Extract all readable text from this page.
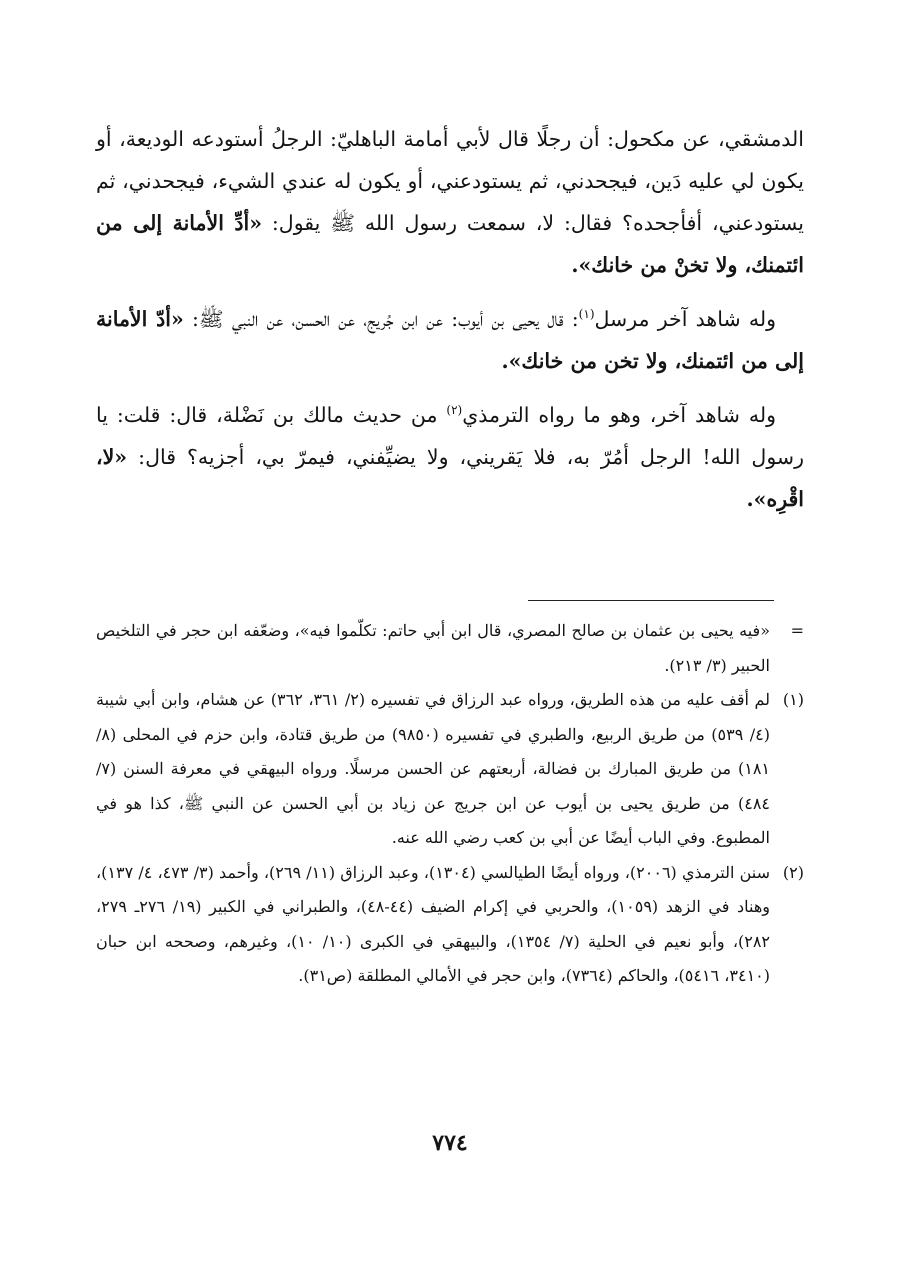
الدمشقي، عن مكحول: أن رجلًا قال لأبي أمامة الباهليّ: الرجلُ أستودعه الوديعة، أو يكون لي عليه دَين، فيجحدني، ثم يستودعني، أو يكون له عندي الشيء، فيجحدني، ثم يستودعني، أفأجحده؟ فقال: لا، سمعت رسول الله ﷺ يقول: «أدِّ الأمانة إلى من ائتمنك، ولا تخنْ من خانك».

وله شاهد آخر مرسل$^{(١)}$: قال يحيى بن أيوب: عن ابن جُريج، عن الحسن، عن النبي ﷺ: «أدّ الأمانة إلى من ائتمنك، ولا تخن من خانك».

وله شاهد آخر، وهو ما رواه الترمذي$^{(٢)}$ من حديث مالك بن نَضْلة، قال: قلت: يا رسول الله! الرجل أمُرّ به، فلا يَقريني، ولا يضيِّفني، فيمرّ بي، أجزيه؟ قال: «لا، اقْرِه».

=
«فيه يحيى بن عثمان بن صالح المصري، قال ابن أبي حاتم: تكلّموا فيه»، وضعّفه ابن حجر في التلخيص الحبير (٣/ ٢١٣).
(١)
لم أقف عليه من هذه الطريق، ورواه عبد الرزاق في تفسيره (٢/ ٣٦١، ٣٦٢) عن هشام، وابن أبي شيبة (٤/ ٥٣٩) من طريق الربيع، والطبري في تفسيره (٩٨٥٠) من طريق قتادة، وابن حزم في المحلى (٨/ ١٨١) من طريق المبارك بن فضالة، أربعتهم عن الحسن مرسلًا. ورواه البيهقي في معرفة السنن (٧/ ٤٨٤) من طريق يحيى بن أيوب عن ابن جريج عن زياد بن أبي الحسن عن النبي ﷺ، كذا هو في المطبوع. وفي الباب أيضًا عن أبي بن كعب رضي الله عنه.
(٢)
سنن الترمذي (٢٠٠٦)، ورواه أيضًا الطيالسي (١٣٠٤)، وعبد الرزاق (١١/ ٢٦٩)، وأحمد (٣/ ٤٧٣، ٤/ ١٣٧)، وهناد في الزهد (١٠٥٩)، والحربي في إكرام الضيف (٤٤-٤٨)، والطبراني في الكبير (١٩/ ٢٧٦ـ ٢٧٩، ٢٨٢)، وأبو نعيم في الحلية (٧/ ١٣٥٤)، والبيهقي في الكبرى (١٠/ ١٠)، وغيرهم، وصححه ابن حبان (٣٤١٠، ٥٤١٦)، والحاكم (٧٣٦٤)، وابن حجر في الأمالي المطلقة (ص٣١).
٧٧٤
